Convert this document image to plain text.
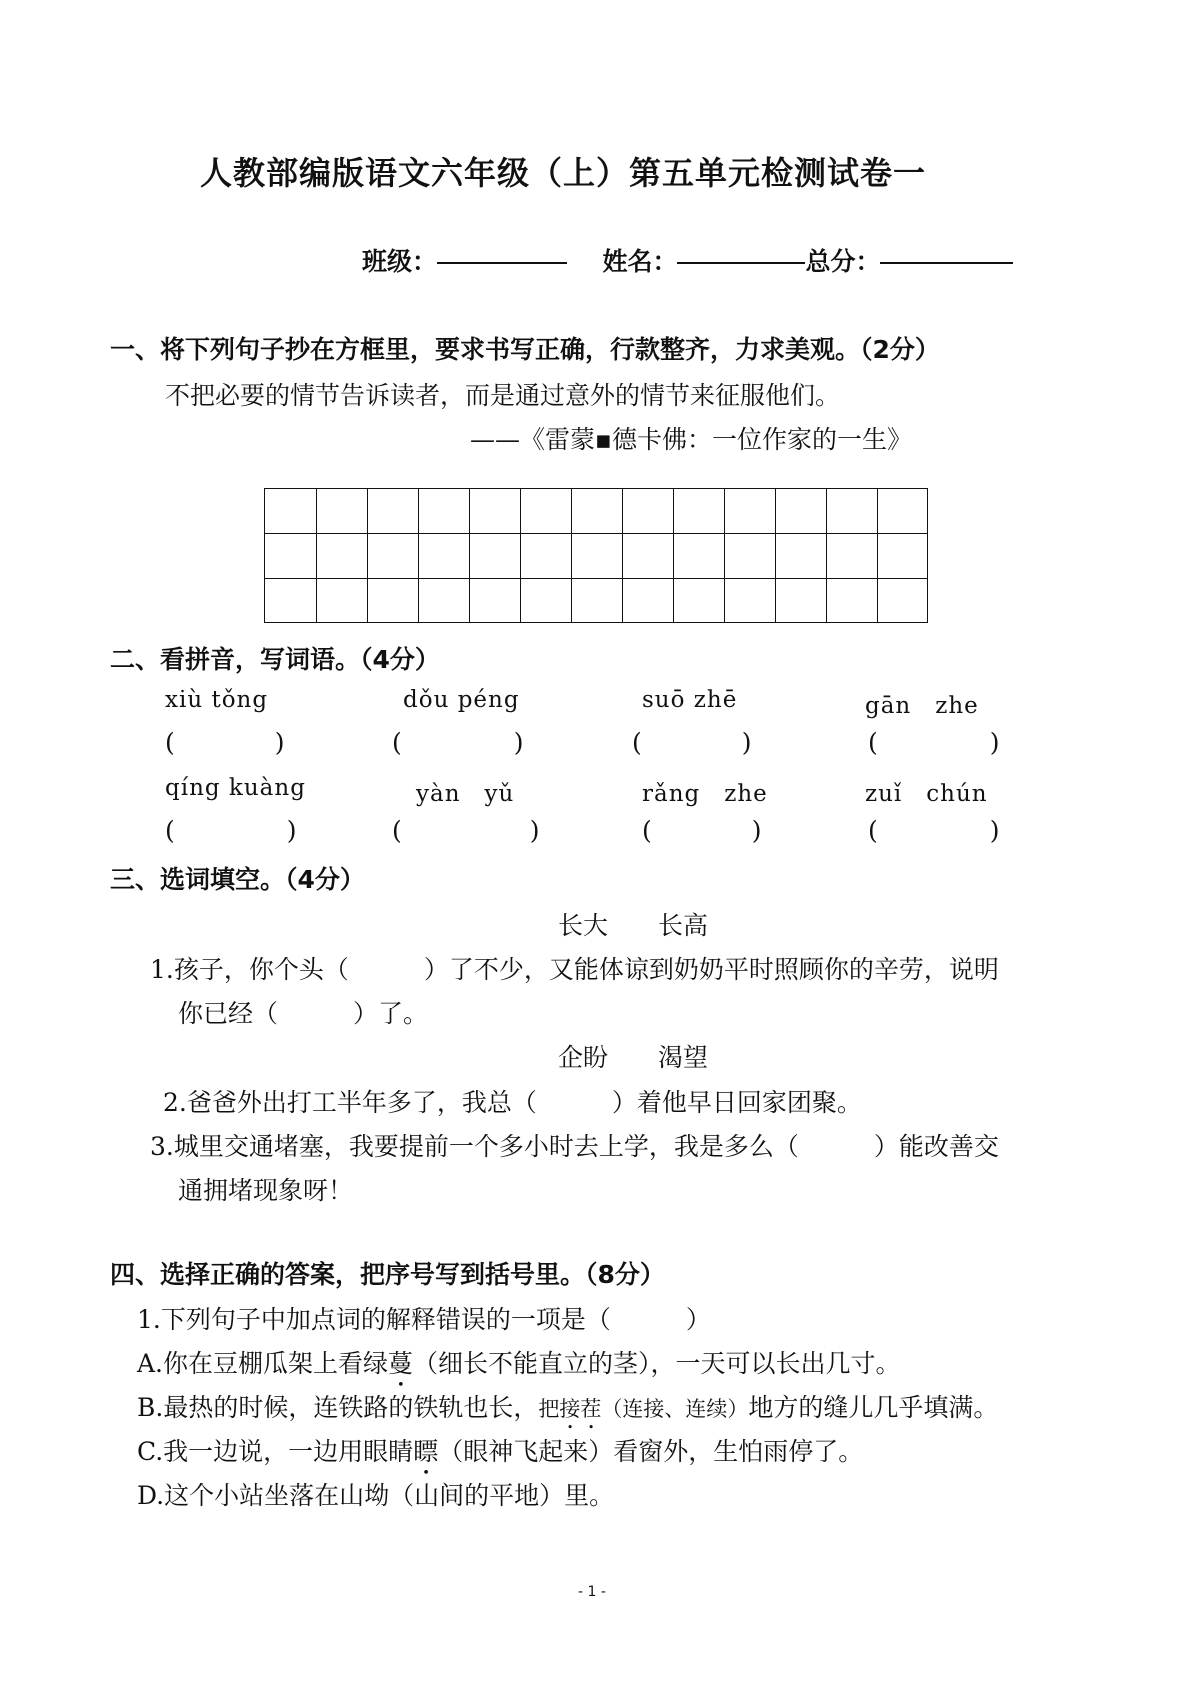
人教部编版语文六年级（上）第五单元检测试卷一
班级：	姓名：	总分：
一、将下列句子抄在方框里，要求书写正确，行款整齐，力求美观。（2分）
不把必要的情节告诉读者，而是通过意外的情节来征服他们。
——《雷蒙▪德卡佛：一位作家的一生》
二、看拼音，写词语。（4分）
xiù tǒng	dǒu péng	suō zhē	gān　zhe
(	)	(	)	(	)	(	)
qíng kuàng	yàn　yǔ	rǎng　zhe	zuǐ　chún
(	)	(	)	(	)	(	)
三、选词填空。（4分）
长大　　长高
1.孩子，你个头（　　　）了不少，又能体谅到奶奶平时照顾你的辛劳，说明
你已经（　　　）了。
企盼　　渴望
2.爸爸外出打工半年多了，我总（　　　）着他早日回家团聚。
3.城里交通堵塞，我要提前一个多小时去上学，我是多么（　　　）能改善交
通拥堵现象呀！
四、选择正确的答案，把序号写到括号里。（8分）
1.下列句子中加点词的解释错误的一项是（　　　）
A.你在豆棚瓜架上看绿蔓（细长不能直立的茎），一天可以长出几寸。
B.最热的时候，连铁路的铁轨也长，把接茬（连接、连续）地方的缝儿几乎填满。
C.我一边说，一边用眼睛瞟（眼神飞起来）看窗外，生怕雨停了。
D.这个小站坐落在山坳（山间的平地）里。
- 1 -
